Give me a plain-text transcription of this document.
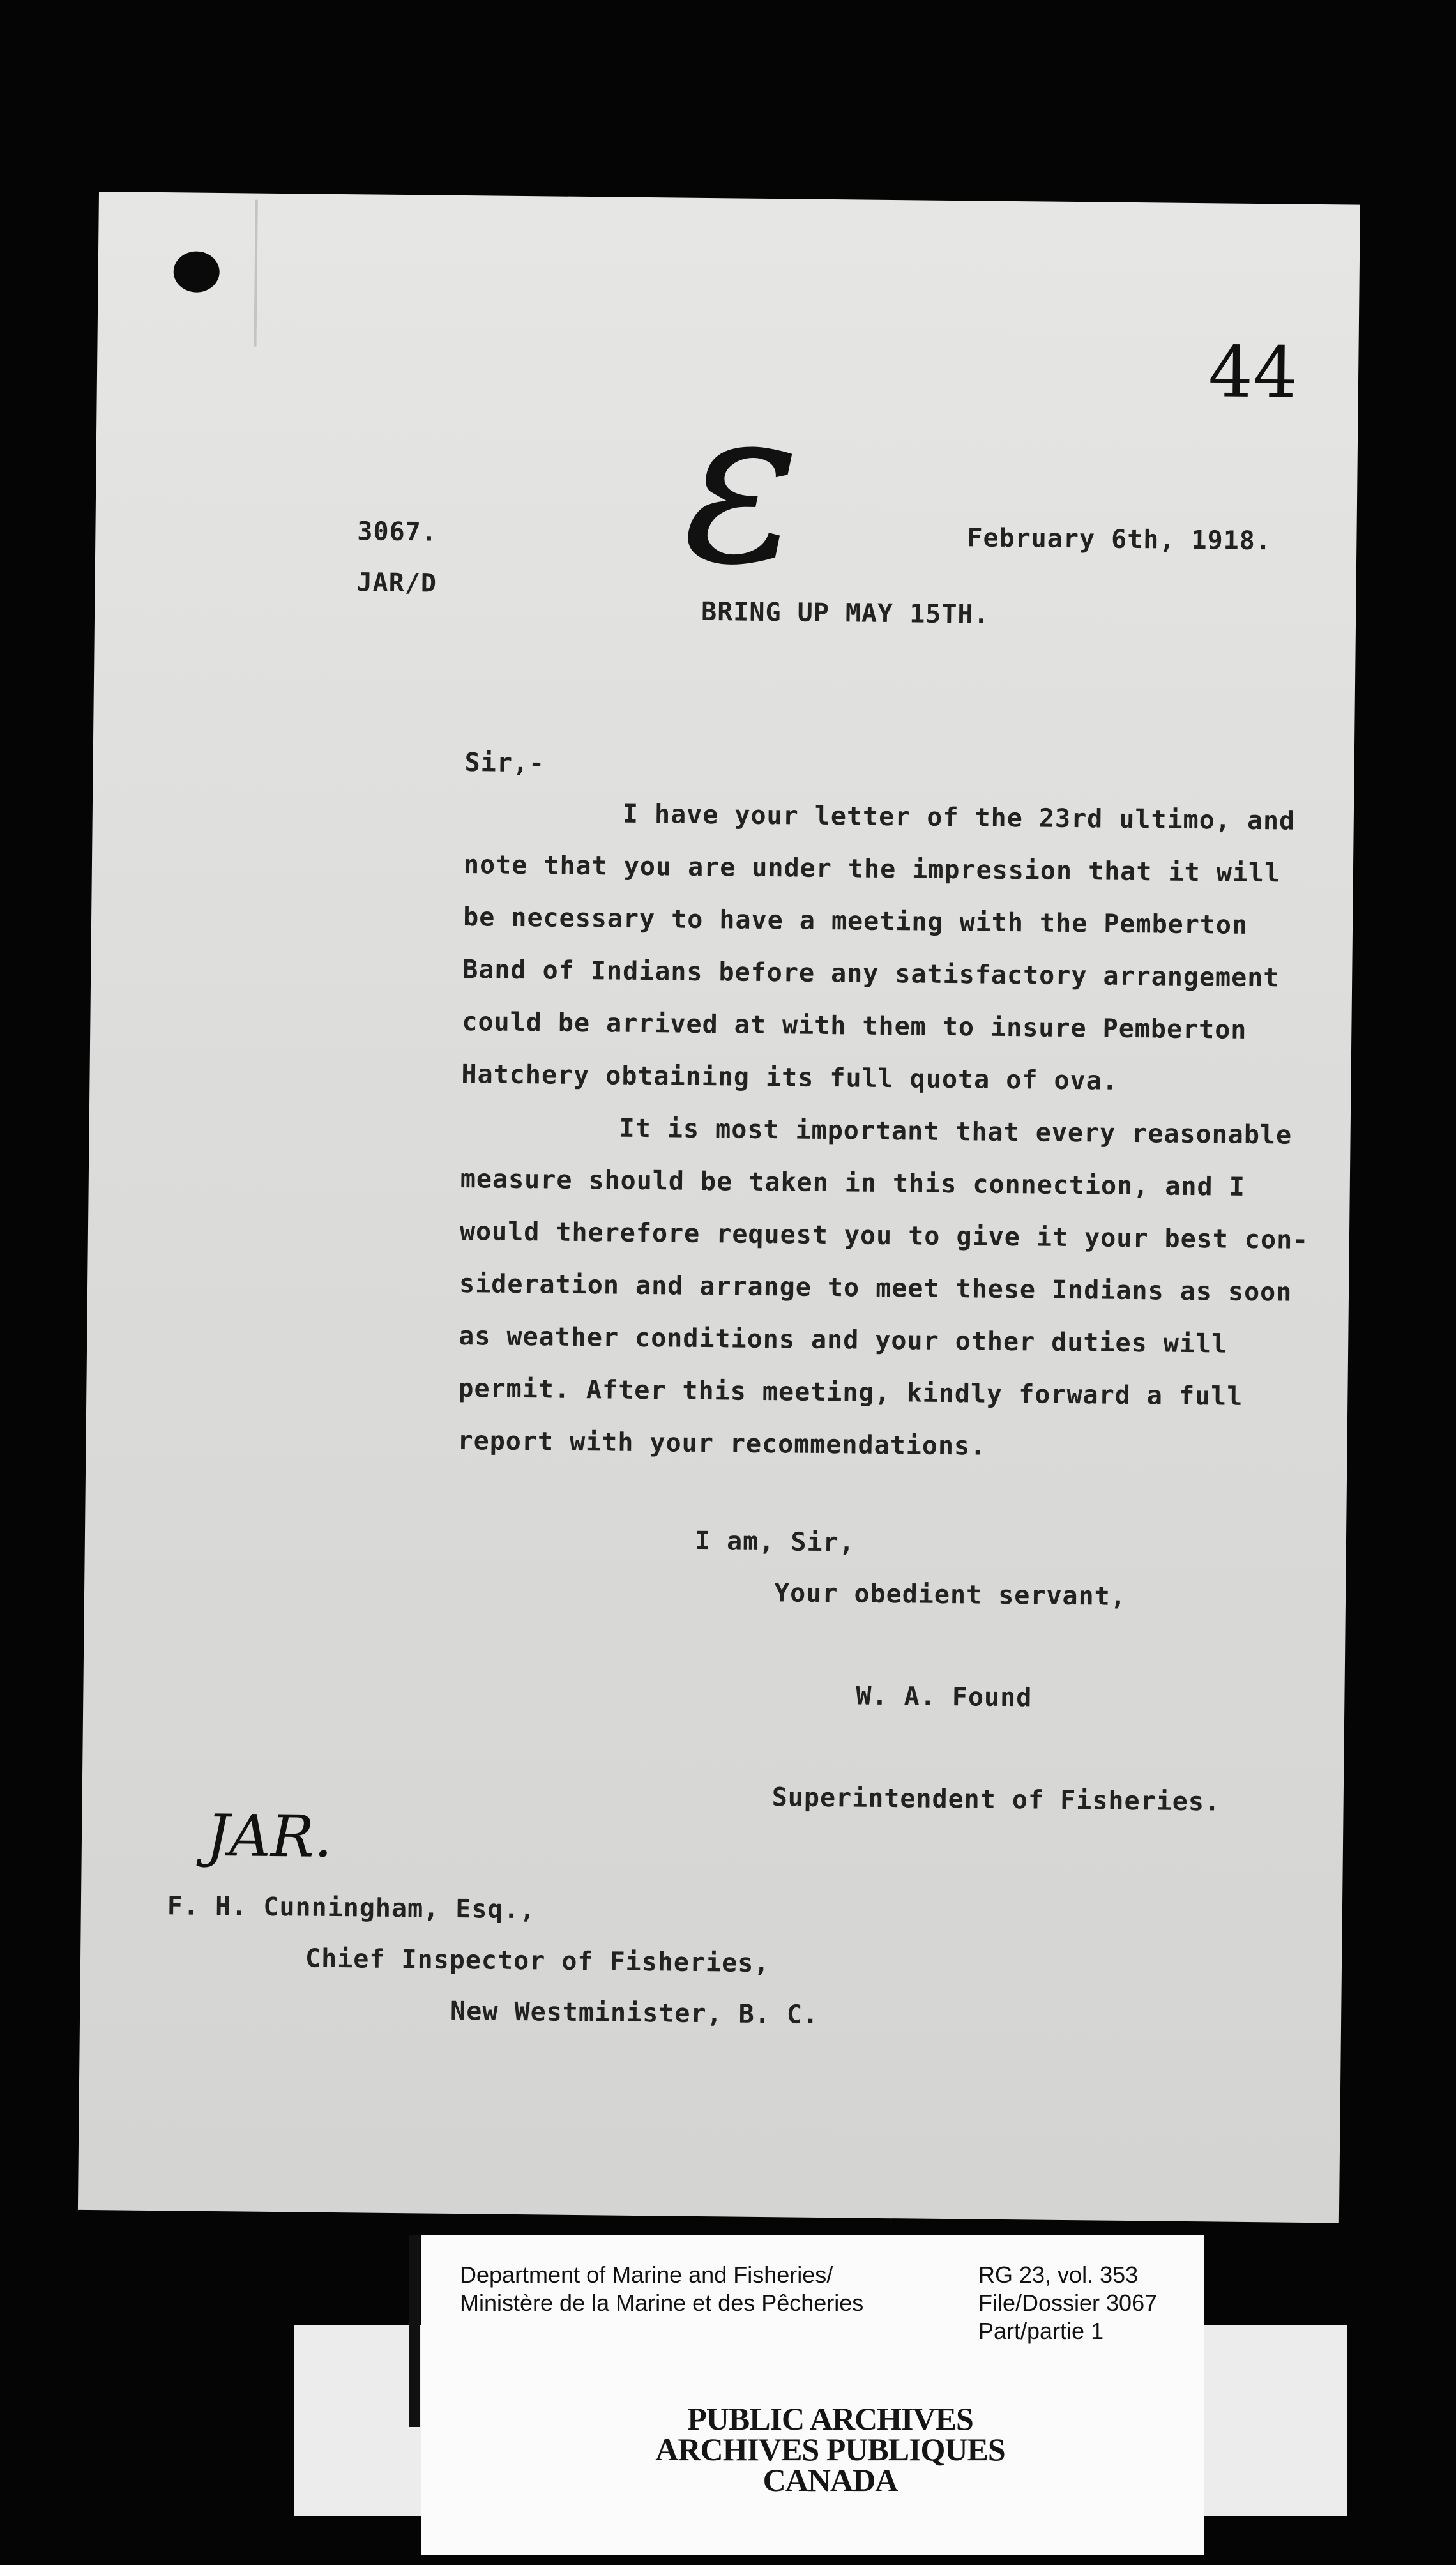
44
ε
3067.
JAR/D
February 6th, 1918.
BRING UP MAY 15TH.
Sir,-
I have your letter of the 23rd ultimo, and
note that you are under the impression that it will
be necessary to have a meeting with the Pemberton
Band of Indians before any satisfactory arrangement
could be arrived at with them to insure Pemberton
Hatchery obtaining its full quota of ova.
It is most important that every reasonable
measure should be taken in this connection, and I
would therefore request you to give it your best con-
sideration and arrange to meet these Indians as soon
as weather conditions and your other duties will
permit. After this meeting, kindly forward a full
report with your recommendations.
I am, Sir,
Your obedient servant,
W. A. Found
Superintendent of Fisheries.
JAR.
F. H. Cunningham, Esq.,
Chief Inspector of Fisheries,
New Westminister, B. C.
Department of Marine and Fisheries/
Ministère de la Marine et des Pêcheries
RG 23, vol. 353
File/Dossier 3067
Part/partie 1
PUBLIC ARCHIVES
ARCHIVES PUBLIQUES
CANADA
